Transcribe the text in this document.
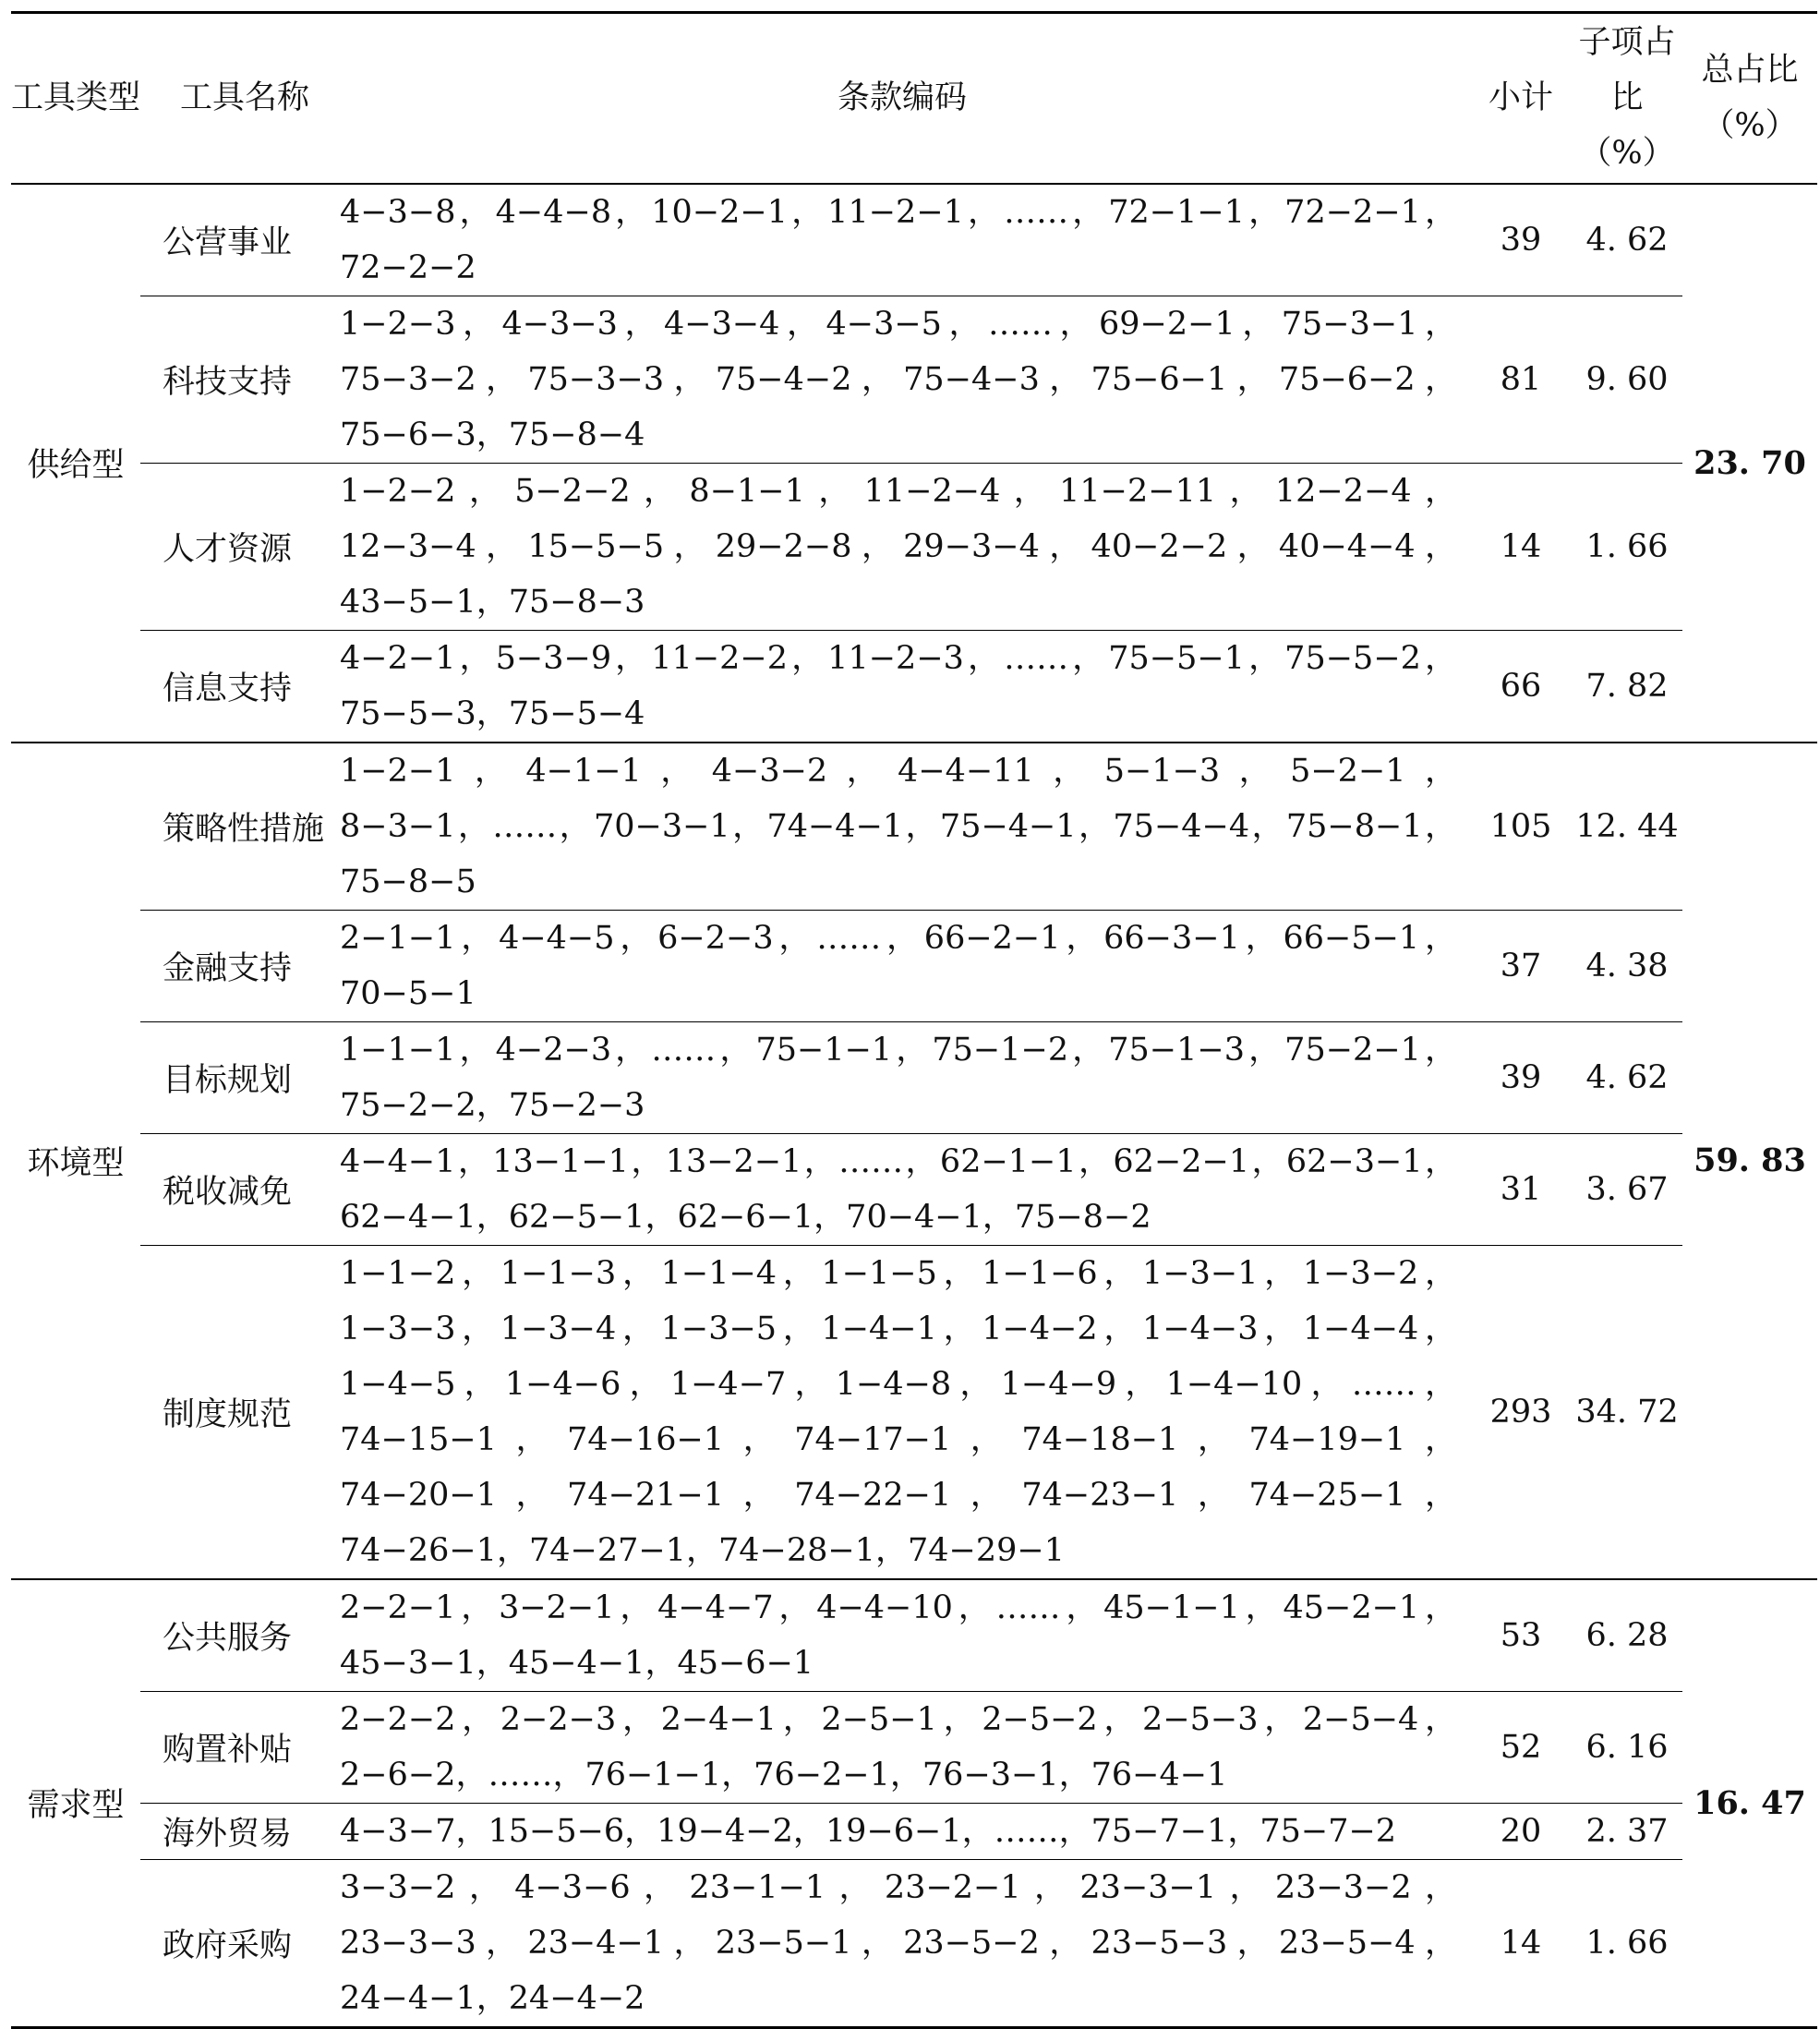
工具类型	工具名称	条款编码	小计	子项占比（%）	总占比（%）
供给型	公营事业	4−3−8，4−4−8，10−2−1，11−2−1，……，72−1−1，72−2−1，72−2−2	39	4. 62	23. 70
	科技支持	1−2−3，4−3−3，4−3−4，4−3−5，……，69−2−1，75−3−1，75−3−2，75−3−3，75−4−2，75−4−3，75−6−1，75−6−2，75−6−3，75−8−4	81	9. 60	
	人才资源	1−2−2，5−2−2，8−1−1，11−2−4，11−2−11，12−2−4，12−3−4，15−5−5，29−2−8，29−3−4，40−2−2，40−4−4，43−5−1，75−8−3	14	1. 66	
	信息支持	4−2−1，5−3−9，11−2−2，11−2−3，……，75−5−1，75−5−2，75−5−3，75−5−4	66	7. 82	
环境型	策略性措施	1−2−1，4−1−1，4−3−2，4−4−11，5−1−3，5−2−1，8−3−1，……，70−3−1，74−4−1，75−4−1，75−4−4，75−8−1，75−8−5	105	12. 44	59. 83
	金融支持	2−1−1，4−4−5，6−2−3，……，66−2−1，66−3−1，66−5−1，70−5−1	37	4. 38	
	目标规划	1−1−1，4−2−3，……，75−1−1，75−1−2，75−1−3，75−2−1，75−2−2，75−2−3	39	4. 62	
	税收减免	4−4−1，13−1−1，13−2−1，……，62−1−1，62−2−1，62−3−1，62−4−1，62−5−1，62−6−1，70−4−1，75−8−2	31	3. 67	
	制度规范	1−1−2，1−1−3，1−1−4，1−1−5，1−1−6，1−3−1，1−3−2，1−3−3，1−3−4，1−3−5，1−4−1，1−4−2，1−4−3，1−4−4，1−4−5，1−4−6，1−4−7，1−4−8，1−4−9，1−4−10，……，74−15−1，74−16−1，74−17−1，74−18−1，74−19−1，74−20−1，74−21−1，74−22−1，74−23−1，74−25−1，74−26−1，74−27−1，74−28−1，74−29−1	293	34. 72	
需求型	公共服务	2−2−1，3−2−1，4−4−7，4−4−10，……，45−1−1，45−2−1，45−3−1，45−4−1，45−6−1	53	6. 28	16. 47
	购置补贴	2−2−2，2−2−3，2−4−1，2−5−1，2−5−2，2−5−3，2−5−4，2−6−2，……，76−1−1，76−2−1，76−3−1，76−4−1	52	6. 16	
	海外贸易	4−3−7，15−5−6，19−4−2，19−6−1，……，75−7−1，75−7−2	20	2. 37	
	政府采购	3−3−2，4−3−6，23−1−1，23−2−1，23−3−1，23−3−2，23−3−3，23−4−1，23−5−1，23−5−2，23−5−3，23−5−4，24−4−1，24−4−2	14	1. 66	
